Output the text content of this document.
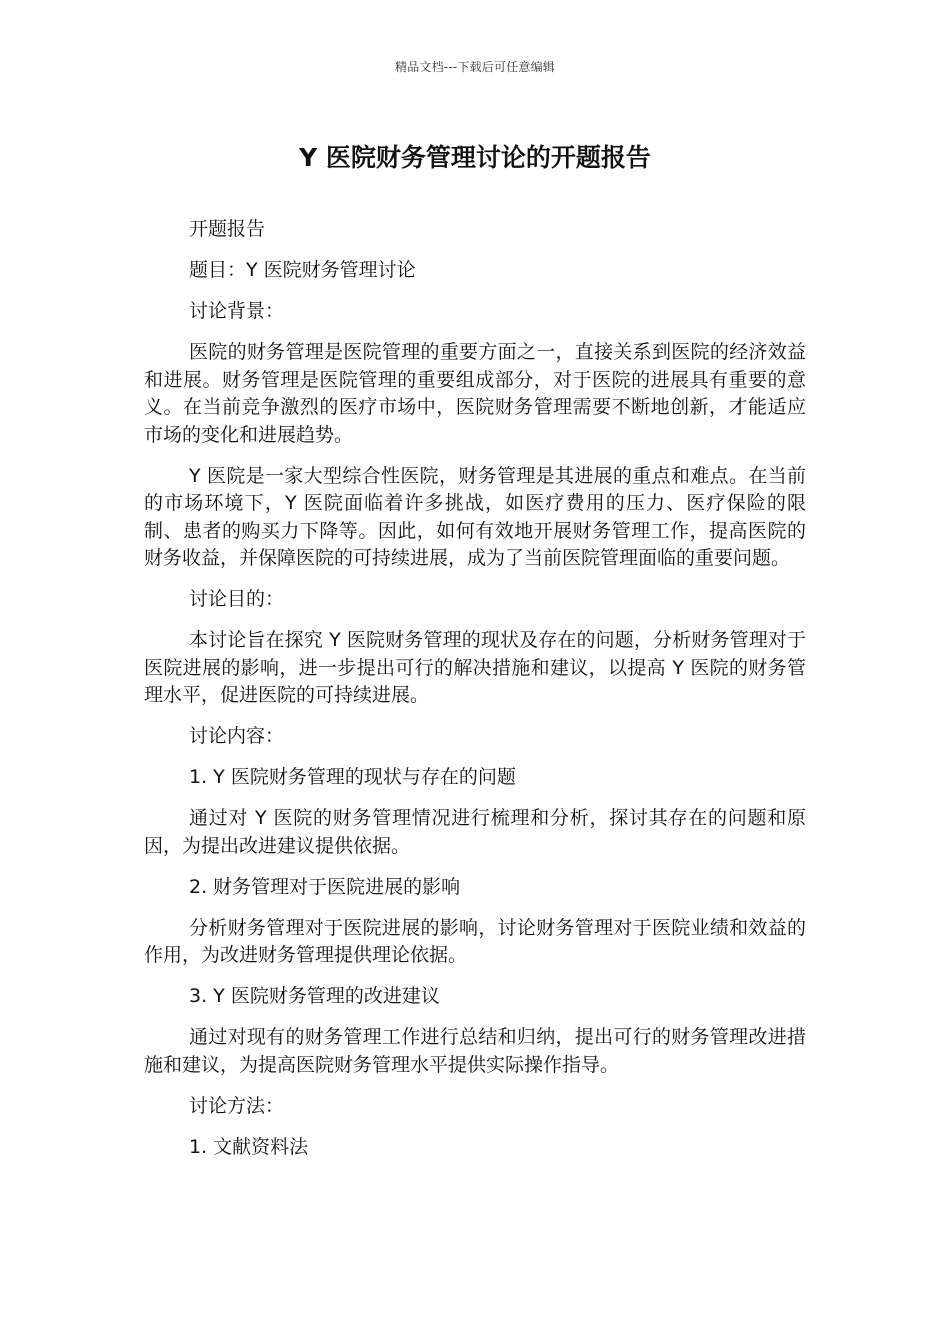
精品文档---下载后可任意编辑
Y 医院财务管理讨论的开题报告

开题报告

题目：Y 医院财务管理讨论

讨论背景：

医院的财务管理是医院管理的重要方面之一，直接关系到医院的经济效益和进展。财务管理是医院管理的重要组成部分，对于医院的进展具有重要的意义。在当前竞争激烈的医疗市场中，医院财务管理需要不断地创新，才能适应市场的变化和进展趋势。

Y 医院是一家大型综合性医院，财务管理是其进展的重点和难点。在当前的市场环境下，Y 医院面临着许多挑战，如医疗费用的压力、医疗保险的限制、患者的购买力下降等。因此，如何有效地开展财务管理工作，提高医院的财务收益，并保障医院的可持续进展，成为了当前医院管理面临的重要问题。

讨论目的：

本讨论旨在探究 Y 医院财务管理的现状及存在的问题，分析财务管理对于医院进展的影响，进一步提出可行的解决措施和建议，以提高 Y 医院的财务管理水平，促进医院的可持续进展。

讨论内容：

1. Y 医院财务管理的现状与存在的问题

通过对 Y 医院的财务管理情况进行梳理和分析，探讨其存在的问题和原因，为提出改进建议提供依据。

2. 财务管理对于医院进展的影响

分析财务管理对于医院进展的影响，讨论财务管理对于医院业绩和效益的作用，为改进财务管理提供理论依据。

3. Y 医院财务管理的改进建议

通过对现有的财务管理工作进行总结和归纳，提出可行的财务管理改进措施和建议，为提高医院财务管理水平提供实际操作指导。

讨论方法：

1. 文献资料法
